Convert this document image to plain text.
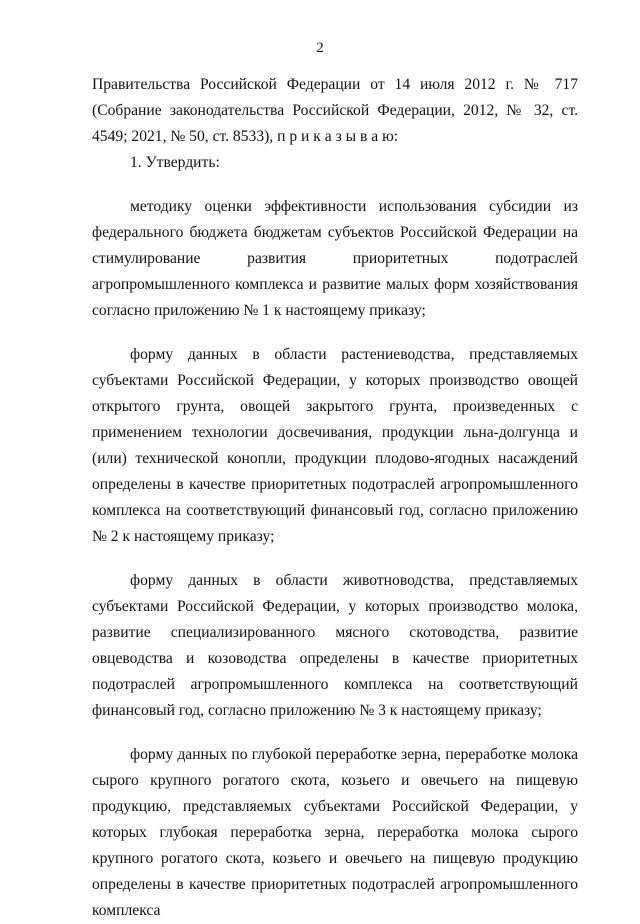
2

Правительства Российской Федерации от 14 июля 2012 г. № 717 (Собрание законодательства Российской Федерации, 2012, № 32, ст. 4549; 2021, № 50, ст. 8533), п р и к а з ы в а ю:

1. Утвердить:

методику оценки эффективности использования субсидии из федерального бюджета бюджетам субъектов Российской Федерации на стимулирование развития приоритетных подотраслей агропромышленного комплекса и развитие малых форм хозяйствования согласно приложению № 1 к настоящему приказу;

форму данных в области растениеводства, представляемых субъектами Российской Федерации, у которых производство овощей открытого грунта, овощей закрытого грунта, произведенных с применением технологии досвечивания, продукции льна-долгунца и (или) технической конопли, продукции плодово-ягодных насаждений определены в качестве приоритетных подотраслей агропромышленного комплекса на соответствующий финансовый год, согласно приложению № 2 к настоящему приказу;

форму данных в области животноводства, представляемых субъектами Российской Федерации, у которых производство молока, развитие специализированного мясного скотоводства, развитие овцеводства и козоводства определены в качестве приоритетных подотраслей агропромышленного комплекса на соответствующий финансовый год, согласно приложению № 3 к настоящему приказу;

форму данных по глубокой переработке зерна, переработке молока сырого крупного рогатого скота, козьего и овечьего на пищевую продукцию, представляемых субъектами Российской Федерации, у которых глубокая переработка зерна, переработка молока сырого крупного рогатого скота, козьего и овечьего на пищевую продукцию определены в качестве приоритетных подотраслей агропромышленного комплекса
